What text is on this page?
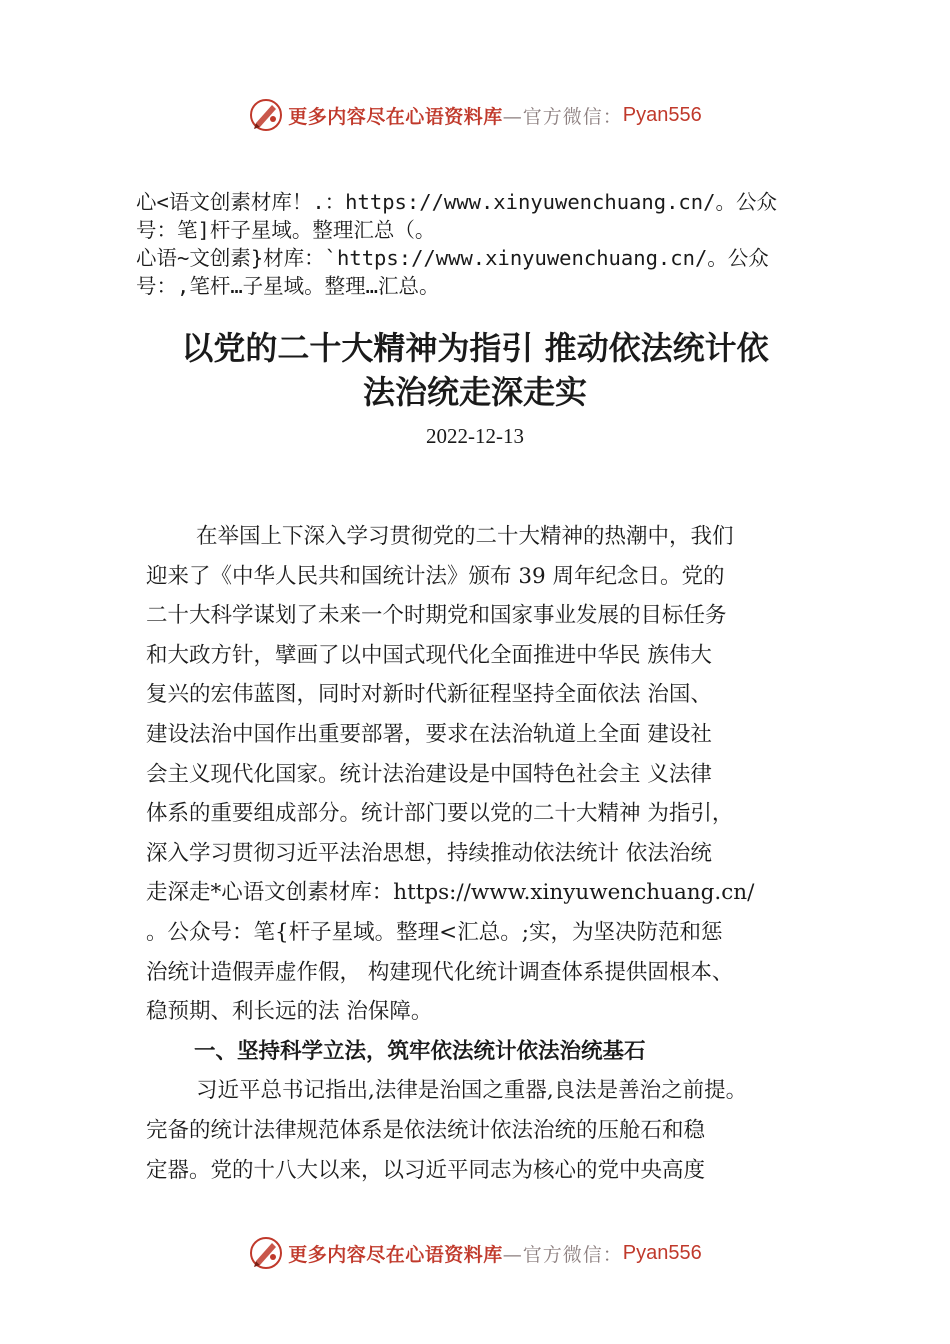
更多内容尽在心语资料库 —官方微信： Pyan556

心<语文创素材库！.：https://www.xinyuwenchuang.cn/。公众

号：笔]杆子星域。整理汇总（。

心语~文创素}材库：`https://www.xinyuwenchuang.cn/。公众

号：,笔杆…子星域。整理…汇总。

以党的二十大精神为指引 推动依法统计依

法治统走深走实

2022-12-13

在举国上下深入学习贯彻党的二十大精神的热潮中，我们

迎来了《中华人民共和国统计法》颁布 39 周年纪念日。党的

二十大科学谋划了未来一个时期党和国家事业发展的目标任务

和大政方针，擘画了以中国式现代化全面推进中华民 族伟大

复兴的宏伟蓝图，同时对新时代新征程坚持全面依法 治国、

建设法治中国作出重要部署，要求在法治轨道上全面 建设社

会主义现代化国家。统计法治建设是中国特色社会主 义法律

体系的重要组成部分。统计部门要以党的二十大精神 为指引，

深入学习贯彻习近平法治思想，持续推动依法统计 依法治统

走深走*心语文创素材库：https://www.xinyuwenchuang.cn/

。公众号：笔{杆子星域。整理<汇总。;实，为坚决防范和惩

治统计造假弄虚作假， 构建现代化统计调查体系提供固根本、

稳预期、利长远的法 治保障。

一、坚持科学立法，筑牢依法统计依法治统基石

习近平总书记指出,法律是治国之重器,良法是善治之前提。

完备的统计法律规范体系是依法统计依法治统的压舱石和稳

定器。党的十八大以来，以习近平同志为核心的党中央高度

更多内容尽在心语资料库 —官方微信： Pyan556
